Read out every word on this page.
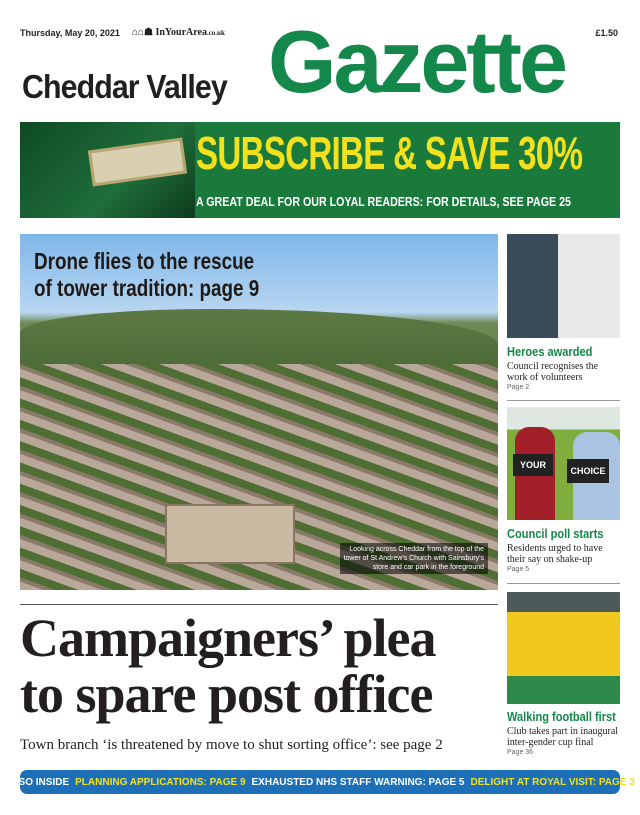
Thursday, May 20, 2021 ⌂⌂☗ InYourArea.co.uk	£1.50
Cheddar Valley Gazette
SUBSCRIBE & SAVE 30%
A GREAT DEAL FOR OUR LOYAL READERS: FOR DETAILS, SEE PAGE 25
Drone flies to the rescue
of tower tradition: page 9
Looking across Cheddar from the top of the
tower of St Andrew's Church with Sainsbury's
store and car park in the foreground
Heroes awarded
Council recognises the work of volunteers
Page 2
YOUR
CHOICE
Council poll starts
Residents urged to have their say on shake-up
Page 5
Walking football first
Club takes part in inaugural inter-gender cup final
Page 36
Campaigners’ plea
to spare post office
Town branch ‘is threatened by move to shut sorting office’: see page 2
ALSO INSIDE PLANNING APPLICATIONS: PAGE 9 EXHAUSTED NHS STAFF WARNING: PAGE 5 DELIGHT AT ROYAL VISIT: PAGE 3
